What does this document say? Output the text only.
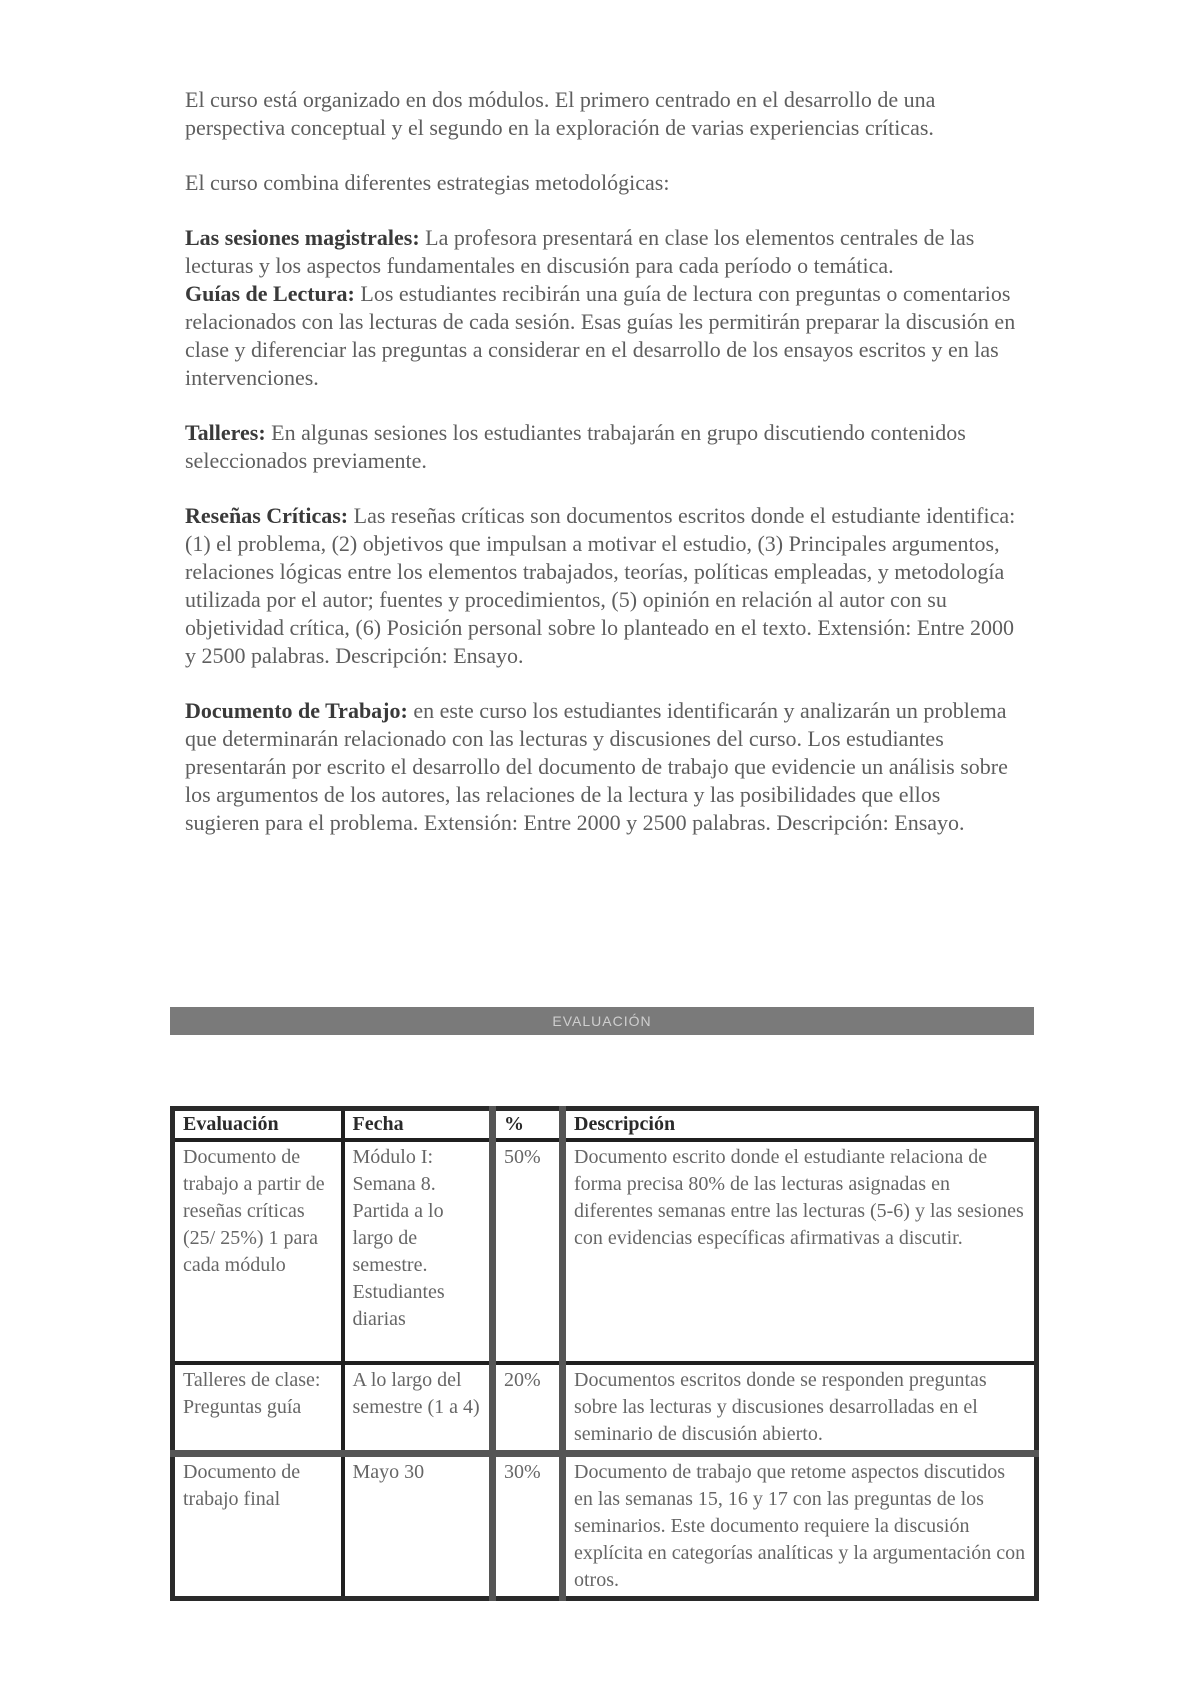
El curso está organizado en dos módulos. El primero centrado en el desarrollo de una perspectiva conceptual y el segundo en la exploración de varias experiencias críticas.

El curso combina diferentes estrategias metodológicas:

Las sesiones magistrales: La profesora presentará en clase los elementos centrales de las lecturas y los aspectos fundamentales en discusión para cada período o temática.

Guías de Lectura: Los estudiantes recibirán una guía de lectura con preguntas o comentarios relacionados con las lecturas de cada sesión. Esas guías les permitirán preparar la discusión en clase y diferenciar las preguntas a considerar en el desarrollo de los ensayos escritos y en las intervenciones.

Talleres: En algunas sesiones los estudiantes trabajarán en grupo discutiendo contenidos seleccionados previamente.

Reseñas Críticas: Las reseñas críticas son documentos escritos donde el estudiante identifica: (1) el problema, (2) objetivos que impulsan a motivar el estudio, (3) Principales argumentos, relaciones lógicas entre los elementos trabajados, teorías, políticas empleadas, y metodología utilizada por el autor; fuentes y procedimientos, (5) opinión en relación al autor con su objetividad crítica, (6) Posición personal sobre lo planteado en el texto. Extensión: Entre 2000 y 2500 palabras. Descripción: Ensayo.

Documento de Trabajo: en este curso los estudiantes identificarán y analizarán un problema que determinarán relacionado con las lecturas y discusiones del curso. Los estudiantes presentarán por escrito el desarrollo del documento de trabajo que evidencie un análisis sobre los argumentos de los autores, las relaciones de la lectura y las posibilidades que ellos sugieren para el problema. Extensión: Entre 2000 y 2500 palabras. Descripción: Ensayo.

EVALUACIÓN
Evaluación	Fecha	%	Descripción
Documento de trabajo a partir de reseñas críticas (25/ 25%) 1 para cada módulo	Módulo I: Semana 8. Partida a lo largo de semestre. Estudiantes diarias	50%	Documento escrito donde el estudiante relaciona de forma precisa 80% de las lecturas asignadas en diferentes semanas entre las lecturas (5-6) y las sesiones con evidencias específicas afirmativas a discutir.
Talleres de clase: Preguntas guía	A lo largo del semestre (1 a 4)	20%	Documentos escritos donde se responden preguntas sobre las lecturas y discusiones desarrolladas en el seminario de discusión abierto.
Documento de trabajo final	Mayo 30	30%	Documento de trabajo que retome aspectos discutidos en las semanas 15, 16 y 17 con las preguntas de los seminarios. Este documento requiere la discusión explícita en categorías analíticas y la argumentación con otros.
